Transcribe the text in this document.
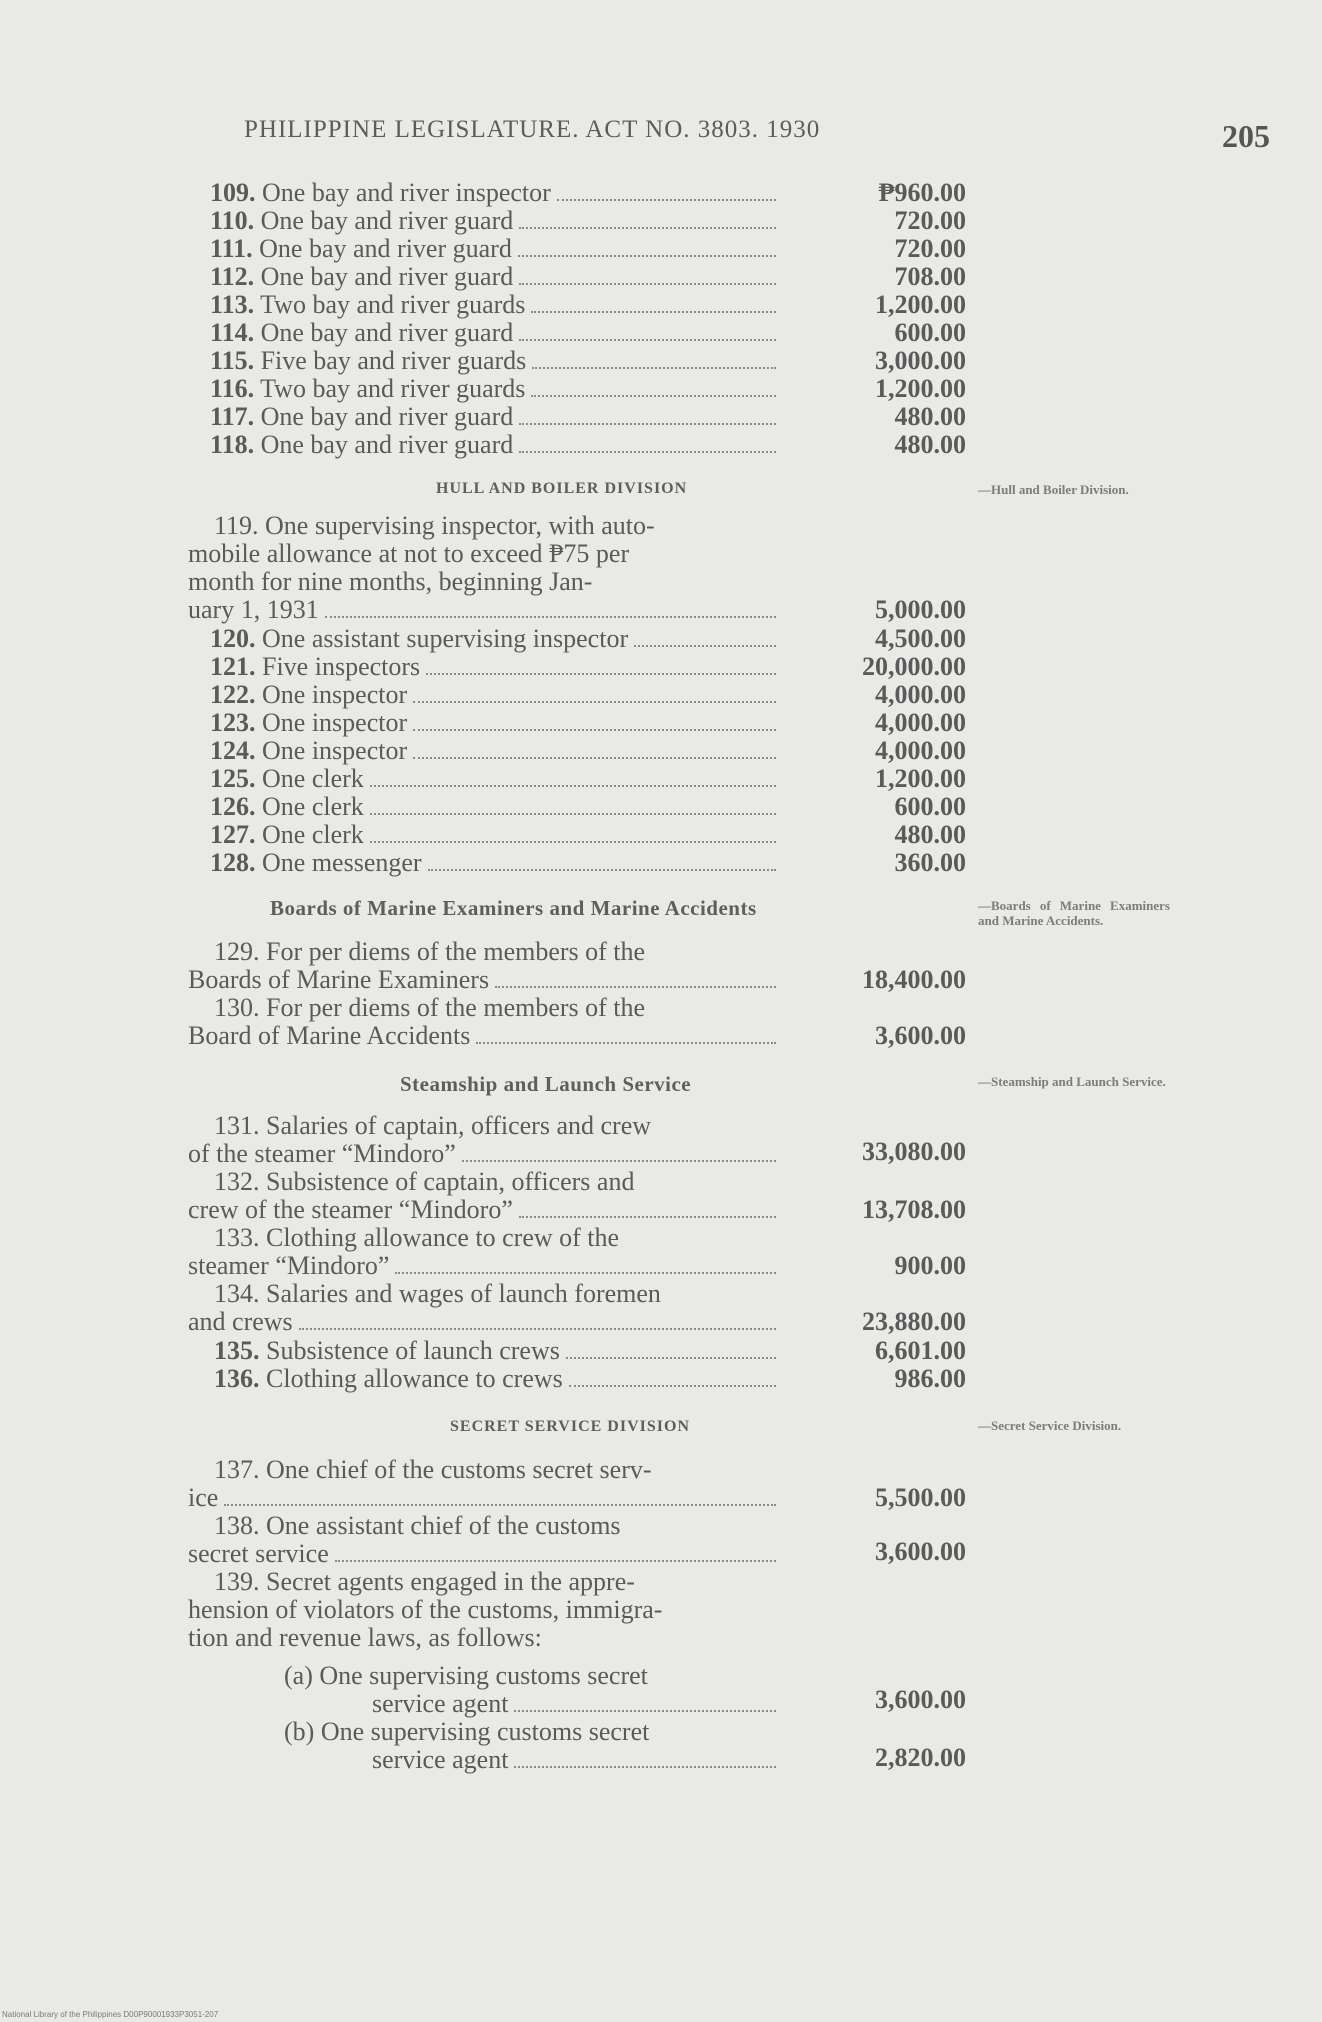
PHILIPPINE LEGISLATURE. ACT NO. 3803. 1930	205
109. One bay and river inspector	₱960.00
110. One bay and river guard	720.00
111. One bay and river guard	720.00
112. One bay and river guard	708.00
113. Two bay and river guards	1,200.00
114. One bay and river guard	600.00
115. Five bay and river guards	3,000.00
116. Two bay and river guards	1,200.00
117. One bay and river guard	480.00
118. One bay and river guard	480.00
HULL AND BOILER DIVISION	—Hull and Boiler Division.
119. One supervising inspector, with auto-
mobile allowance at not to exceed ₱75 per
month for nine months, beginning Jan-
uary 1, 1931	5,000.00
120. One assistant supervising inspector	4,500.00
121. Five inspectors	20,000.00
122. One inspector	4,000.00
123. One inspector	4,000.00
124. One inspector	4,000.00
125. One clerk	1,200.00
126. One clerk	600.00
127. One clerk	480.00
128. One messenger	360.00
Boards of Marine Examiners and Marine Accidents	—Boards of Marine Examiners and Marine Accidents.
129. For per diems of the members of the
Boards of Marine Examiners	18,400.00
130. For per diems of the members of the
Board of Marine Accidents	3,600.00
Steamship and Launch Service	—Steamship and Launch Service.
131. Salaries of captain, officers and crew
of the steamer “Mindoro”	33,080.00
132. Subsistence of captain, officers and
crew of the steamer “Mindoro”	13,708.00
133. Clothing allowance to crew of the
steamer “Mindoro”	900.00
134. Salaries and wages of launch foremen
and crews	23,880.00
135. Subsistence of launch crews	6,601.00
136. Clothing allowance to crews	986.00
SECRET SERVICE DIVISION	—Secret Service Division.
137. One chief of the customs secret serv-
ice	5,500.00
138. One assistant chief of the customs
secret service	3,600.00
139. Secret agents engaged in the appre-
hension of violators of the customs, immigra-
tion and revenue laws, as follows:
(a) One supervising customs secret
service agent	3,600.00
(b) One supervising customs secret
service agent	2,820.00
National Library of the Philippines D00P90001933P3051-207
